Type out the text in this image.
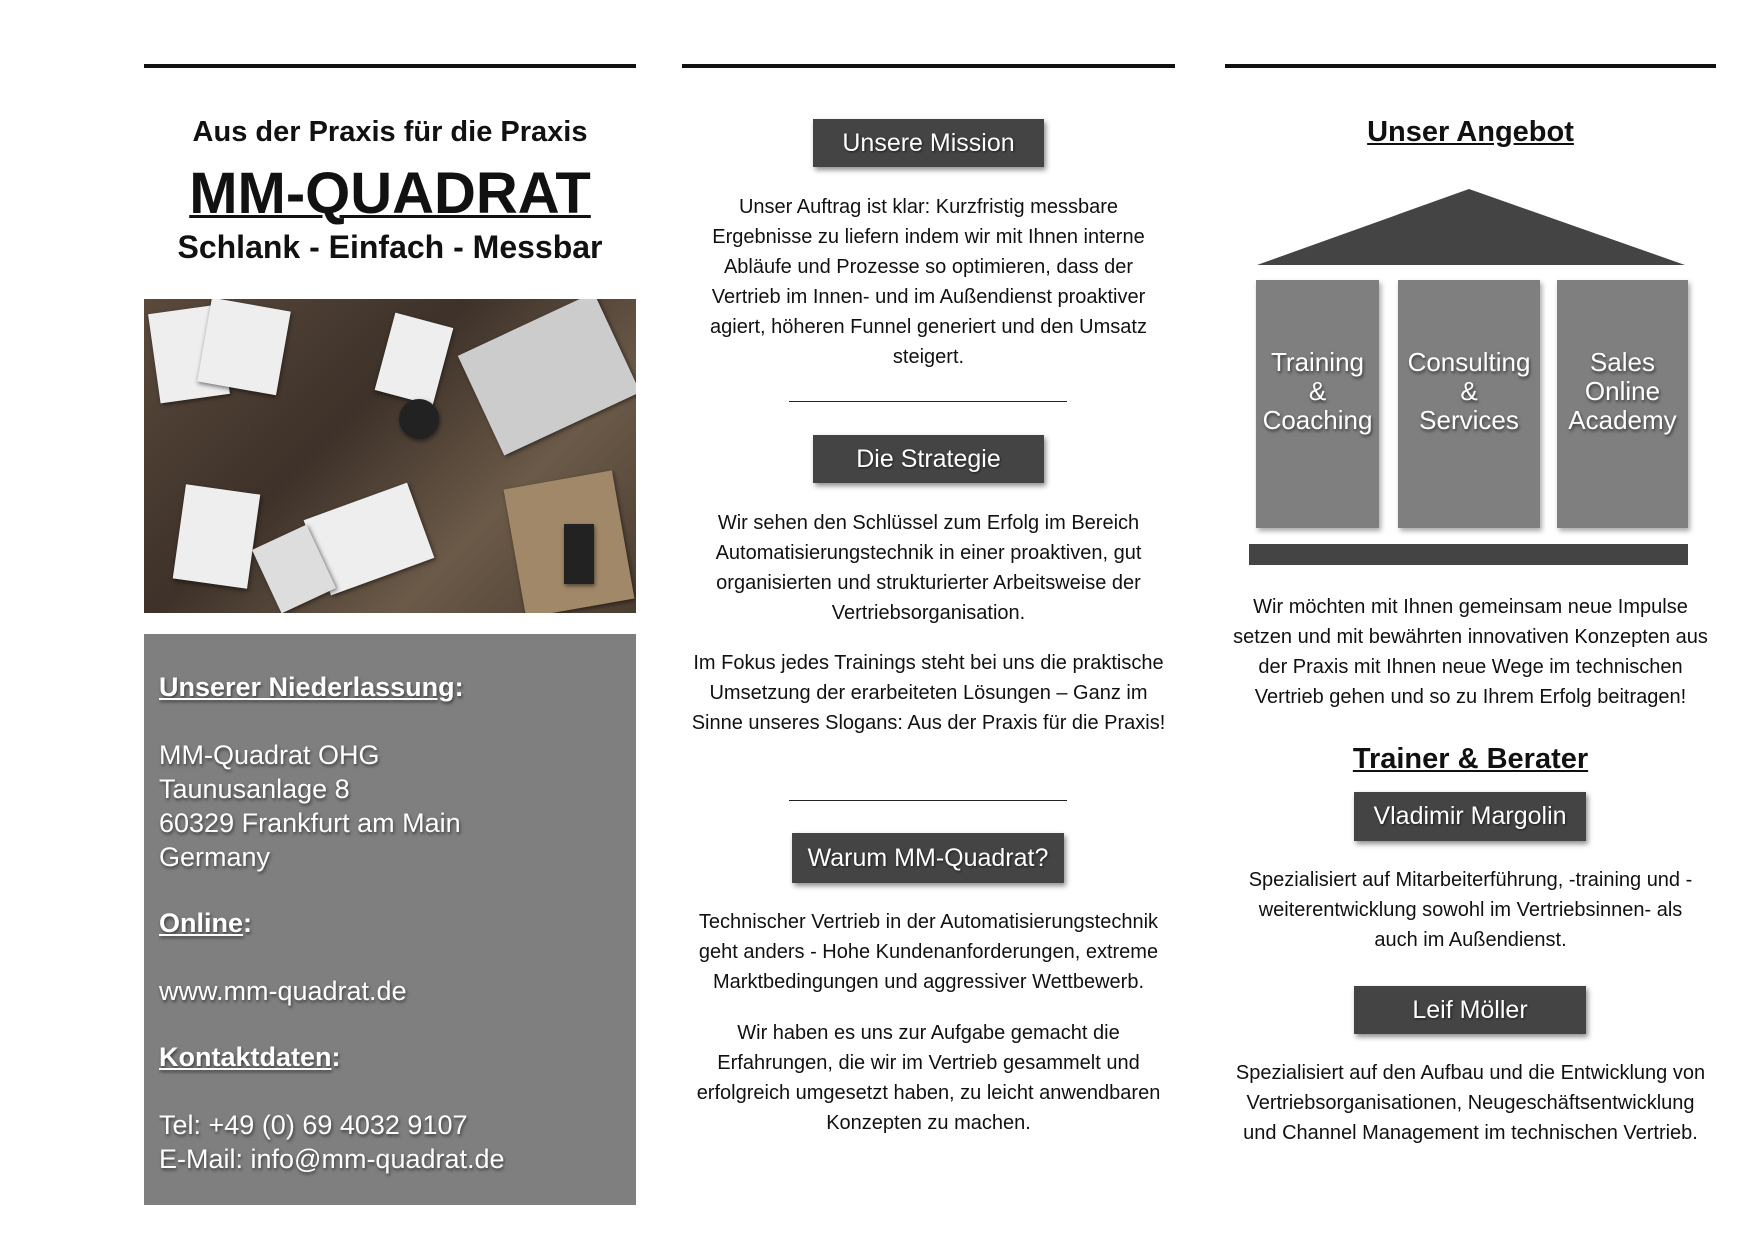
Aus der Praxis für die Praxis
MM-QUADRAT
Schlank - Einfach - Messbar
Unserer Niederlassung:
MM-Quadrat OHG
Taunusanlage 8
60329 Frankfurt am Main
Germany
Online:
www.mm-quadrat.de
Kontaktdaten:
Tel: +49 (0) 69 4032 9107
E-Mail: info@mm-quadrat.de
Unsere Mission
Unser Auftrag ist klar: Kurzfristig messbare Ergebnisse zu liefern indem wir mit Ihnen interne Abläufe und Prozesse so optimieren, dass der Vertrieb im Innen- und im Außendienst proaktiver agiert, höheren Funnel generiert und den Umsatz steigert.
Die Strategie
Wir sehen den Schlüssel zum Erfolg im Bereich Automatisierungstechnik in einer proaktiven, gut organisierten und strukturierter Arbeitsweise der Vertriebsorganisation.
Im Fokus jedes Trainings steht bei uns die praktische Umsetzung der erarbeiteten Lösungen – Ganz im Sinne unseres Slogans: Aus der Praxis für die Praxis!
Warum MM-Quadrat?
Technischer Vertrieb in der Automatisierungstechnik geht anders - Hohe Kundenanforderungen, extreme Marktbedingungen und aggressiver Wettbewerb.
Wir haben es uns zur Aufgabe gemacht die Erfahrungen, die wir im Vertrieb gesammelt und erfolgreich umgesetzt haben, zu leicht anwendbaren Konzepten zu machen.
Unser Angebot
Training
&
Coaching
Consulting
&
Services
Sales
Online
Academy
Wir möchten mit Ihnen gemeinsam neue Impulse setzen und mit bewährten innovativen Konzepten aus der Praxis mit Ihnen neue Wege im technischen Vertrieb gehen und so zu Ihrem Erfolg beitragen!
Trainer & Berater
Vladimir Margolin
Spezialisiert auf Mitarbeiterführung, -training und -weiterentwicklung sowohl im Vertriebsinnen- als auch im Außendienst.
Leif Möller
Spezialisiert auf den Aufbau und die Entwicklung von Vertriebsorganisationen, Neugeschäftsentwicklung und Channel Management im technischen Vertrieb.
